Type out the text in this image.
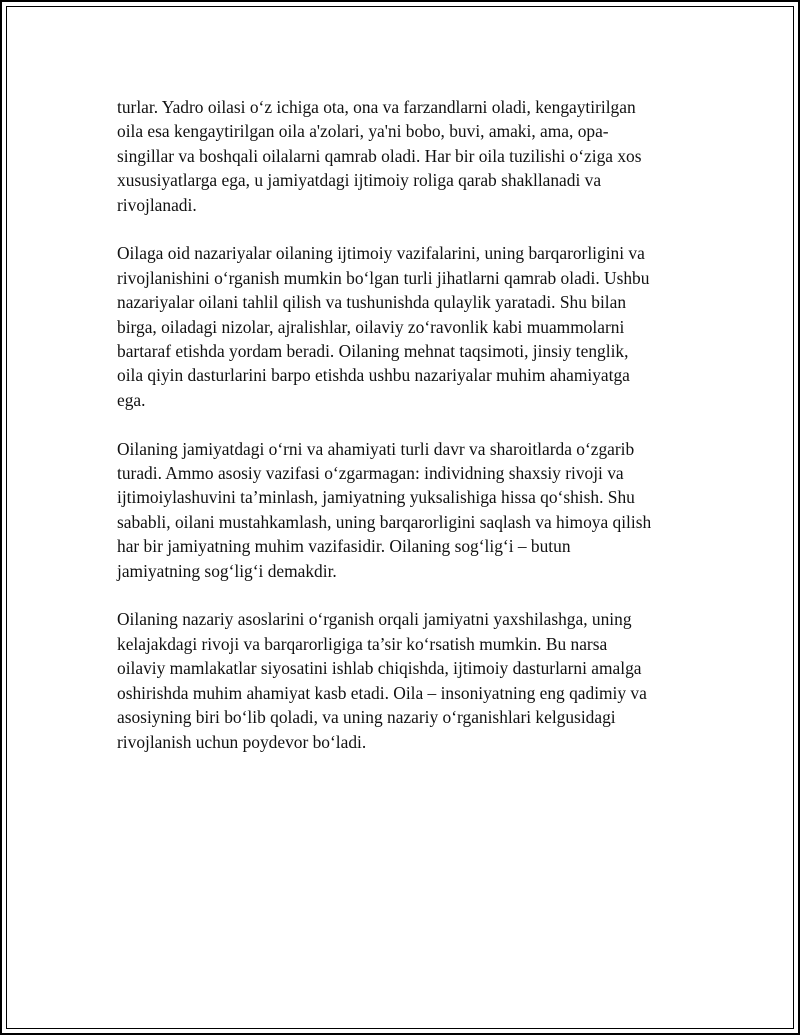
turlar. Yadro oilasi o‘z ichiga ota, ona va farzandlarni oladi, kengaytirilgan
oila esa kengaytirilgan oila a'zolari, ya'ni bobo, buvi, amaki, ama, opa-
singillar va boshqali oilalarni qamrab oladi. Har bir oila tuzilishi o‘ziga xos
xususiyatlarga ega, u jamiyatdagi ijtimoiy roliga qarab shakllanadi va
rivojlanadi.

Oilaga oid nazariyalar oilaning ijtimoiy vazifalarini, uning barqarorligini va
rivojlanishini o‘rganish mumkin bo‘lgan turli jihatlarni qamrab oladi. Ushbu
nazariyalar oilani tahlil qilish va tushunishda qulaylik yaratadi. Shu bilan
birga, oiladagi nizolar, ajralishlar, oilaviy zo‘ravonlik kabi muammolarni
bartaraf etishda yordam beradi. Oilaning mehnat taqsimoti, jinsiy tenglik,
oila qiyin dasturlarini barpo etishda ushbu nazariyalar muhim ahamiyatga
ega.

Oilaning jamiyatdagi o‘rni va ahamiyati turli davr va sharoitlarda o‘zgarib
turadi. Ammo asosiy vazifasi o‘zgarmagan: individning shaxsiy rivoji va
ijtimoiylashuvini ta’minlash, jamiyatning yuksalishiga hissa qo‘shish. Shu
sababli, oilani mustahkamlash, uning barqarorligini saqlash va himoya qilish
har bir jamiyatning muhim vazifasidir. Oilaning sog‘lig‘i – butun
jamiyatning sog‘lig‘i demakdir.

Oilaning nazariy asoslarini o‘rganish orqali jamiyatni yaxshilashga, uning
kelajakdagi rivoji va barqarorligiga ta’sir ko‘rsatish mumkin. Bu narsa
oilaviy mamlakatlar siyosatini ishlab chiqishda, ijtimoiy dasturlarni amalga
oshirishda muhim ahamiyat kasb etadi. Oila – insoniyatning eng qadimiy va
asosiyning biri bo‘lib qoladi, va uning nazariy o‘rganishlari kelgusidagi
rivojlanish uchun poydevor bo‘ladi.
